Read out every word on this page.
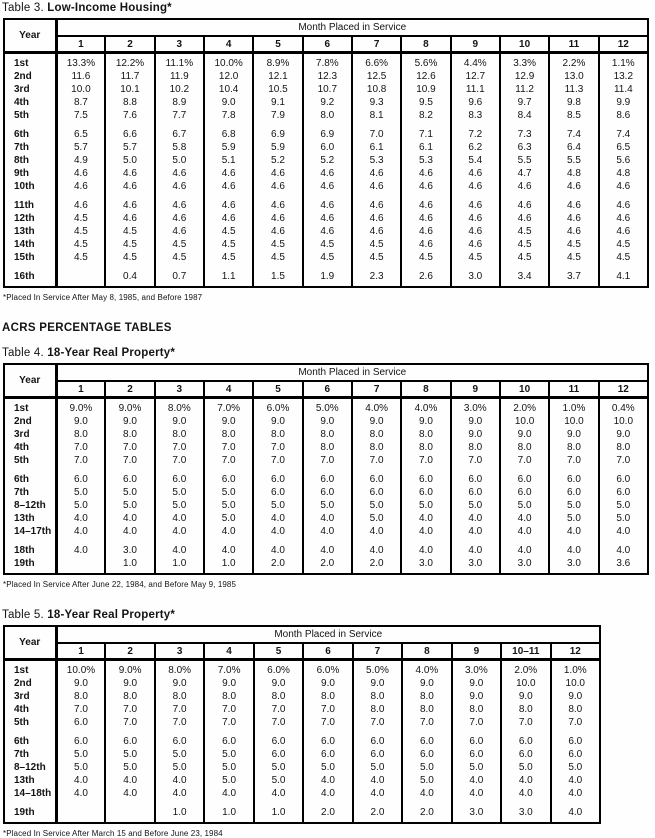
Table 3. Low-Income Housing*
Year	Month Placed in Service											
	1	2	3	4	5	6	7	8	9	10	11	12
1st	13.3%	12.2%	11.1%	10.0%	8.9%	7.8%	6.6%	5.6%	4.4%	3.3%	2.2%	1.1%
2nd	11.6	11.7	11.9	12.0	12.1	12.3	12.5	12.6	12.7	12.9	13.0	13.2
3rd	10.0	10.1	10.2	10.4	10.5	10.7	10.8	10.9	11.1	11.2	11.3	11.4
4th	8.7	8.8	8.9	9.0	9.1	9.2	9.3	9.5	9.6	9.7	9.8	9.9
5th	7.5	7.6	7.7	7.8	7.9	8.0	8.1	8.2	8.3	8.4	8.5	8.6

6th	6.5	6.6	6.7	6.8	6.9	6.9	7.0	7.1	7.2	7.3	7.4	7.4
7th	5.7	5.7	5.8	5.9	5.9	6.0	6.1	6.1	6.2	6.3	6.4	6.5
8th	4.9	5.0	5.0	5.1	5.2	5.2	5.3	5.3	5.4	5.5	5.5	5.6
9th	4.6	4.6	4.6	4.6	4.6	4.6	4.6	4.6	4.6	4.7	4.8	4.8
10th	4.6	4.6	4.6	4.6	4.6	4.6	4.6	4.6	4.6	4.6	4.6	4.6

11th	4.6	4.6	4.6	4.6	4.6	4.6	4.6	4.6	4.6	4.6	4.6	4.6
12th	4.5	4.6	4.6	4.6	4.6	4.6	4.6	4.6	4.6	4.6	4.6	4.6
13th	4.5	4.5	4.6	4.5	4.6	4.6	4.6	4.6	4.6	4.5	4.6	4.6
14th	4.5	4.5	4.5	4.5	4.5	4.5	4.5	4.6	4.6	4.5	4.5	4.5
15th	4.5	4.5	4.5	4.5	4.5	4.5	4.5	4.5	4.5	4.5	4.5	4.5

16th		0.4	0.7	1.1	1.5	1.9	2.3	2.6	3.0	3.4	3.7	4.1
*Placed In Service After May 8, 1985, and Before 1987
ACRS PERCENTAGE TABLES
Table 4. 18-Year Real Property*
Year	Month Placed in Service											
	1	2	3	4	5	6	7	8	9	10	11	12
1st	9.0%	9.0%	8.0%	7.0%	6.0%	5.0%	4.0%	4.0%	3.0%	2.0%	1.0%	0.4%
2nd	9.0	9.0	9.0	9.0	9.0	9.0	9.0	9.0	9.0	10.0	10.0	10.0
3rd	8.0	8.0	8.0	8.0	8.0	8.0	8.0	8.0	9.0	9.0	9.0	9.0
4th	7.0	7.0	7.0	7.0	7.0	8.0	8.0	8.0	8.0	8.0	8.0	8.0
5th	7.0	7.0	7.0	7.0	7.0	7.0	7.0	7.0	7.0	7.0	7.0	7.0

6th	6.0	6.0	6.0	6.0	6.0	6.0	6.0	6.0	6.0	6.0	6.0	6.0
7th	5.0	5.0	5.0	5.0	6.0	6.0	6.0	6.0	6.0	6.0	6.0	6.0
8–12th	5.0	5.0	5.0	5.0	5.0	5.0	5.0	5.0	5.0	5.0	5.0	5.0
13th	4.0	4.0	4.0	5.0	4.0	4.0	5.0	4.0	4.0	4.0	5.0	5.0
14–17th	4.0	4.0	4.0	4.0	4.0	4.0	4.0	4.0	4.0	4.0	4.0	4.0

18th	4.0	3.0	4.0	4.0	4.0	4.0	4.0	4.0	4.0	4.0	4.0	4.0
19th		1.0	1.0	1.0	2.0	2.0	2.0	3.0	3.0	3.0	3.0	3.6
*Placed In Service After June 22, 1984, and Before May 9, 1985
Table 5. 18-Year Real Property*
Year	Month Placed in Service										
	1	2	3	4	5	6	7	8	9	10–11	12
1st	10.0%	9.0%	8.0%	7.0%	6.0%	6.0%	5.0%	4.0%	3.0%	2.0%	1.0%
2nd	9.0	9.0	9.0	9.0	9.0	9.0	9.0	9.0	9.0	10.0	10.0
3rd	8.0	8.0	8.0	8.0	8.0	8.0	8.0	8.0	9.0	9.0	9.0
4th	7.0	7.0	7.0	7.0	7.0	7.0	8.0	8.0	8.0	8.0	8.0
5th	6.0	7.0	7.0	7.0	7.0	7.0	7.0	7.0	7.0	7.0	7.0

6th	6.0	6.0	6.0	6.0	6.0	6.0	6.0	6.0	6.0	6.0	6.0
7th	5.0	5.0	5.0	5.0	6.0	6.0	6.0	6.0	6.0	6.0	6.0
8–12th	5.0	5.0	5.0	5.0	5.0	5.0	5.0	5.0	5.0	5.0	5.0
13th	4.0	4.0	4.0	5.0	5.0	4.0	4.0	5.0	4.0	4.0	4.0
14–18th	4.0	4.0	4.0	4.0	4.0	4.0	4.0	4.0	4.0	4.0	4.0

19th			1.0	1.0	1.0	2.0	2.0	2.0	3.0	3.0	4.0
*Placed In Service After March 15 and Before June 23, 1984
